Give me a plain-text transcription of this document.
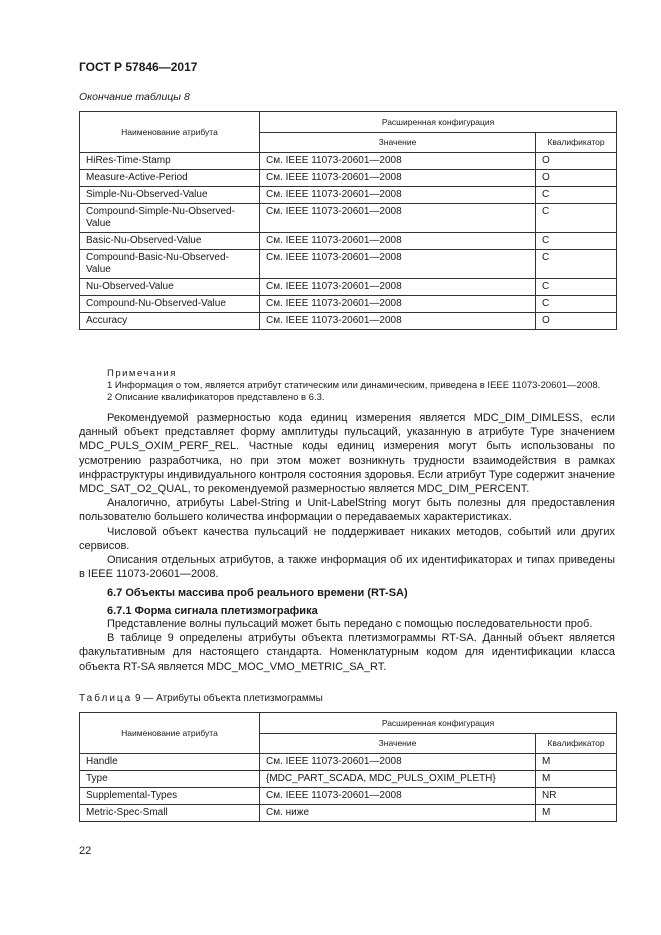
ГОСТ Р 57846—2017
Окончание таблицы 8
Наименование атрибута	Расширенная конфигурация	
	Значение	Квалификатор
HiRes-Time-Stamp	См. IEEE 11073-20601—2008	O
Measure-Active-Period	См. IEEE 11073-20601—2008	O
Simple-Nu-Observed-Value	См. IEEE 11073-20601—2008	C
Compound-Simple-Nu-Observed-Value	См. IEEE 11073-20601—2008	C
Basic-Nu-Observed-Value	См. IEEE 11073-20601—2008	C
Compound-Basic-Nu-Observed-Value	См. IEEE 11073-20601—2008	C
Nu-Observed-Value	См. IEEE 11073-20601—2008	C
Compound-Nu-Observed-Value	См. IEEE 11073-20601—2008	C
Accuracy	См. IEEE 11073-20601—2008	O
Примечания
1 Информация о том, является атрибут статическим или динамическим, приведена в IEEE 11073-20601—2008.
2 Описание квалификаторов представлено в 6.3.

Рекомендуемой размерностью кода единиц измерения является MDC_DIM_DIMLESS, если данный объект представляет форму амплитуды пульсаций, указанную в атрибуте Type значением MDC_PULS_OXIM_PERF_REL. Частные коды единиц измерения могут быть использованы по усмотрению разработчика, но при этом может возникнуть трудности взаимодействия в рамках инфраструктуры индивидуального контроля состояния здоровья. Если атрибут Type содержит значение MDC_SAT_O2_QUAL, то рекомендуемой размерностью является MDC_DIM_PERCENT.

Аналогично, атрибуты Label-String и Unit-LabelString могут быть полезны для предоставления пользователю большего количества информации о передаваемых характеристиках.

Числовой объект качества пульсаций не поддерживает никаких методов, событий или других сервисов.

Описания отдельных атрибутов, а также информация об их идентификаторах и типах приведены в IEEE 11073-20601—2008.

6.7 Объекты массива проб реального времени (RT-SA)
6.7.1 Форма сигнала плетизмографика

Представление волны пульсаций может быть передано с помощью последовательности проб.

В таблице 9 определены атрибуты объекта плетизмограммы RT-SA. Данный объект является факультативным для настоящего стандарта. Номенклатурным кодом для идентификации класса объекта RT-SA является MDC_MOC_VMO_METRIC_SA_RT.

Таблица 9 — Атрибуты объекта плетизмограммы
Наименование атрибута	Расширенная конфигурация	
	Значение	Квалификатор
Handle	См. IEEE 11073-20601—2008	M
Type	{MDC_PART_SCADA, MDC_PULS_OXIM_PLETH}	M
Supplemental-Types	См. IEEE 11073-20601—2008	NR
Metric-Spec-Small	См. ниже	M
22
